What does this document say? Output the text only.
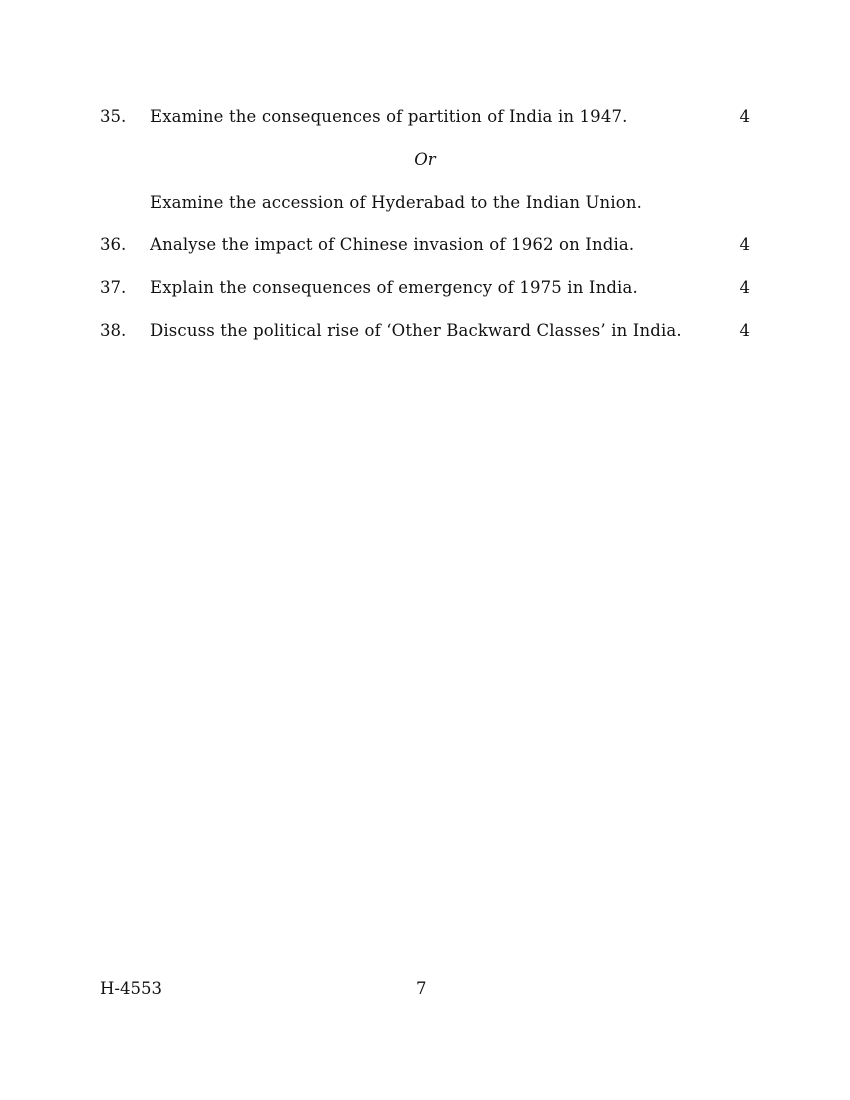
35. Examine the consequences of partition of India in 1947.	4
Or
Examine the accession of Hyderabad to the Indian Union.
36. Analyse the impact of Chinese invasion of 1962 on India.	4
37. Explain the consequences of emergency of 1975 in India.	4
38. Discuss the political rise of ‘Other Backward Classes’ in India.	4
H-4553	7
